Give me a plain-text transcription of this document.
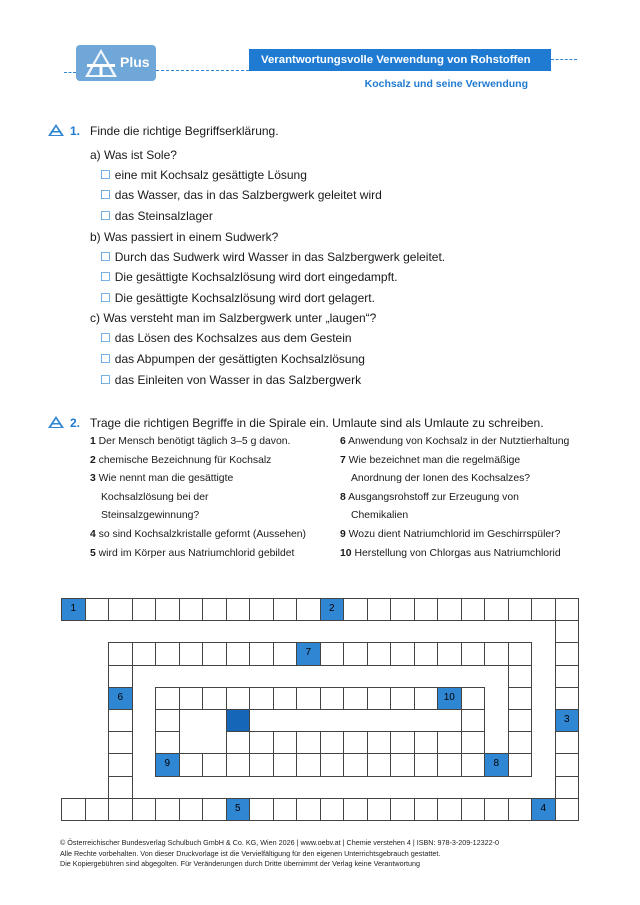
Plus	Verantwortungsvolle Verwendung von Rohstoffen
Kochsalz und seine Verwendung
1. Finde die richtige Begriffserklärung.
a) Was ist Sole?
☐ eine mit Kochsalz gesättigte Lösung
☐ das Wasser, das in das Salzbergwerk geleitet wird
☐ das Steinsalzlager
b) Was passiert in einem Sudwerk?
☐ Durch das Sudwerk wird Wasser in das Salzbergwerk geleitet.
☐ Die gesättigte Kochsalzlösung wird dort eingedampft.
☐ Die gesättigte Kochsalzlösung wird dort gelagert.
c) Was versteht man im Salzbergwerk unter „laugen“?
☐ das Lösen des Kochsalzes aus dem Gestein
☐ das Abpumpen der gesättigten Kochsalzlösung
☐ das Einleiten von Wasser in das Salzbergwerk
2. Trage die richtigen Begriffe in die Spirale ein. Umlaute sind als Umlaute zu schreiben.
1 Der Mensch benötigt täglich 3–5 g davon.
2 chemische Bezeichnung für Kochsalz
3 Wie nennt man die gesättigte
Kochsalzlösung bei der
Steinsalzgewinnung?
4 so sind Kochsalzkristalle geformt (Aussehen)
5 wird im Körper aus Natriumchlorid gebildet
6 Anwendung von Kochsalz in der Nutztierhaltung
7 Wie bezeichnet man die regelmäßige
Anordnung der Ionen des Kochsalzes?
8 Ausgangsrohstoff zur Erzeugung von
Chemikalien
9 Wozu dient Natriumchlorid im Geschirrspüler?
10 Herstellung von Chlorgas aus Natriumchlorid
1	2
3
5	4
6
7
9	8
10
© Österreichischer Bundesverlag Schulbuch GmbH & Co. KG, Wien 2026 | www.oebv.at | Chemie verstehen 4 | ISBN: 978-3-209-12322-0
Alle Rechte vorbehalten. Von dieser Druckvorlage ist die Vervielfältigung für den eigenen Unterrichtsgebrauch gestattet.
Die Kopiergebühren sind abgegolten. Für Veränderungen durch Dritte übernimmt der Verlag keine Verantwortung
